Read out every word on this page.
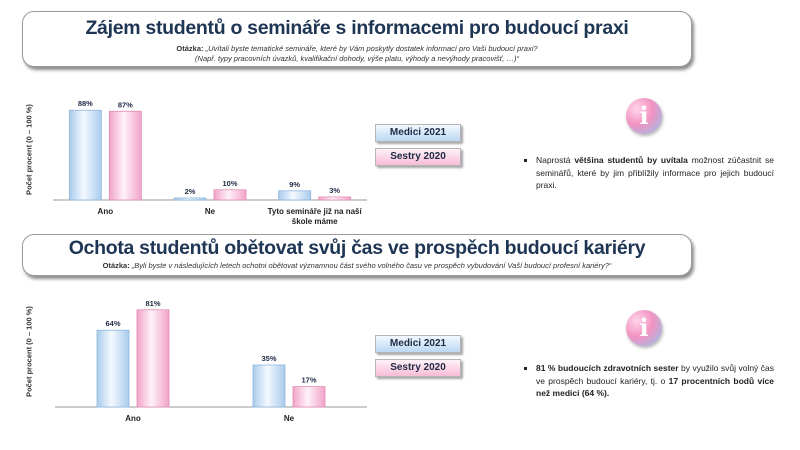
Zájem studentů o semináře s informacemi pro budoucí praxi
Otázka: „Uvítali byste tematické semináře, které by Vám poskytly dostatek informací pro Vaši budoucí praxi?
(Např. typy pracovních úvazků, kvalifikační dohody, výše platu, výhody a nevýhody pracovišť, …)“
Počet procent (0 – 100 %)
88%	87%
Ano
2%
10%
Ne
9%
3%
Tyto semináře již na naší
škole máme
Medici 2021
Sestry 2020
i
▪ Naprostá většina studentů by uvítala možnost zúčastnit se seminářů, které by jim přiblížily informace pro jejich budoucí praxi.
Ochota studentů obětovat svůj čas ve prospěch budoucí kariéry
Otázka: „Byli byste v následujících letech ochotni obětovat významnou část svého volného času ve prospěch vybudování Vaší budoucí profesní kariéry?“
Počet procent (0 – 100 %)	64%
81%
Ano
35%
17%
Ne
Medici 2021
Sestry 2020
i
▪ 81 % budoucích zdravotních sester by využilo svůj volný čas ve prospěch budoucí kariéry, tj. o 17 procentních bodů více než medici (64 %).
